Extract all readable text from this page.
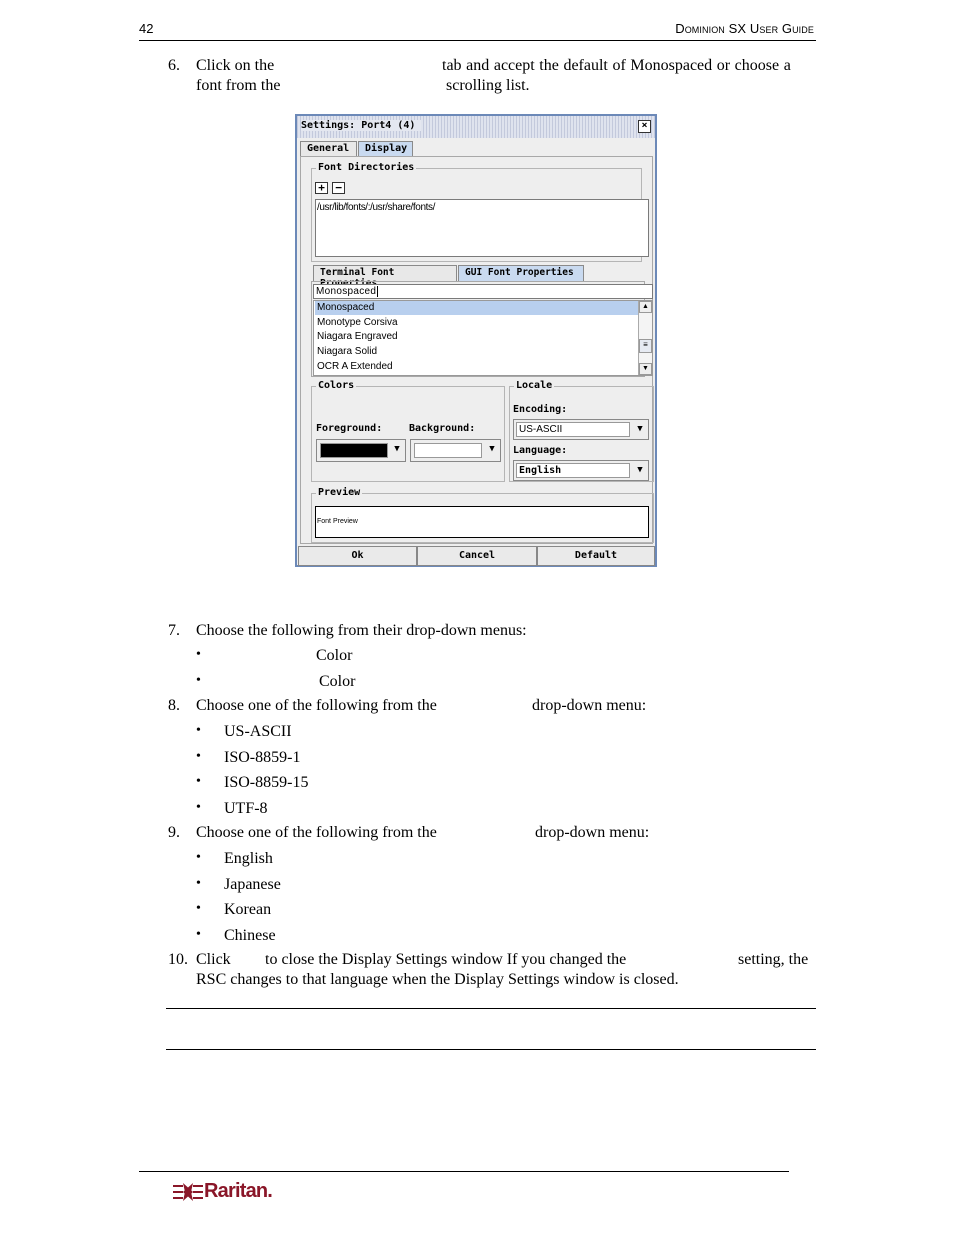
42	Dominion SX User Guide
6. Click on the	tab and accept the default of Monospaced or choose a
font from the	scrolling list.
Settings: Port4 (4)	×
General	Display
Font Directories
+ −
/usr/lib/fonts/:/usr/share/fonts/
Terminal Font	GUI Font Properties
Monospaced
Monospaced
Monotype Corsiva
Niagara Engraved
Niagara Solid
OCR A Extended
▲
≡
▼
Colors
Foreground:	Background:
▼	▼
Locale
Encoding:
US-ASCII	▼
Language:
English	▼
Preview
Font Preview
Ok	Cancel	Default
7. Choose the following from their drop-down menus:
•	Color
•	Color
8. Choose one of the following from the	drop-down menu:
• US-ASCII
• ISO-8859-1
• ISO-8859-15
• UTF-8
9. Choose one of the following from the	drop-down menu:
• English
• Japanese
• Korean
• Chinese
10. Click to close the Display Settings window If you changed the	setting, the
RSC changes to that language when the Display Settings window is closed.
Raritan.
